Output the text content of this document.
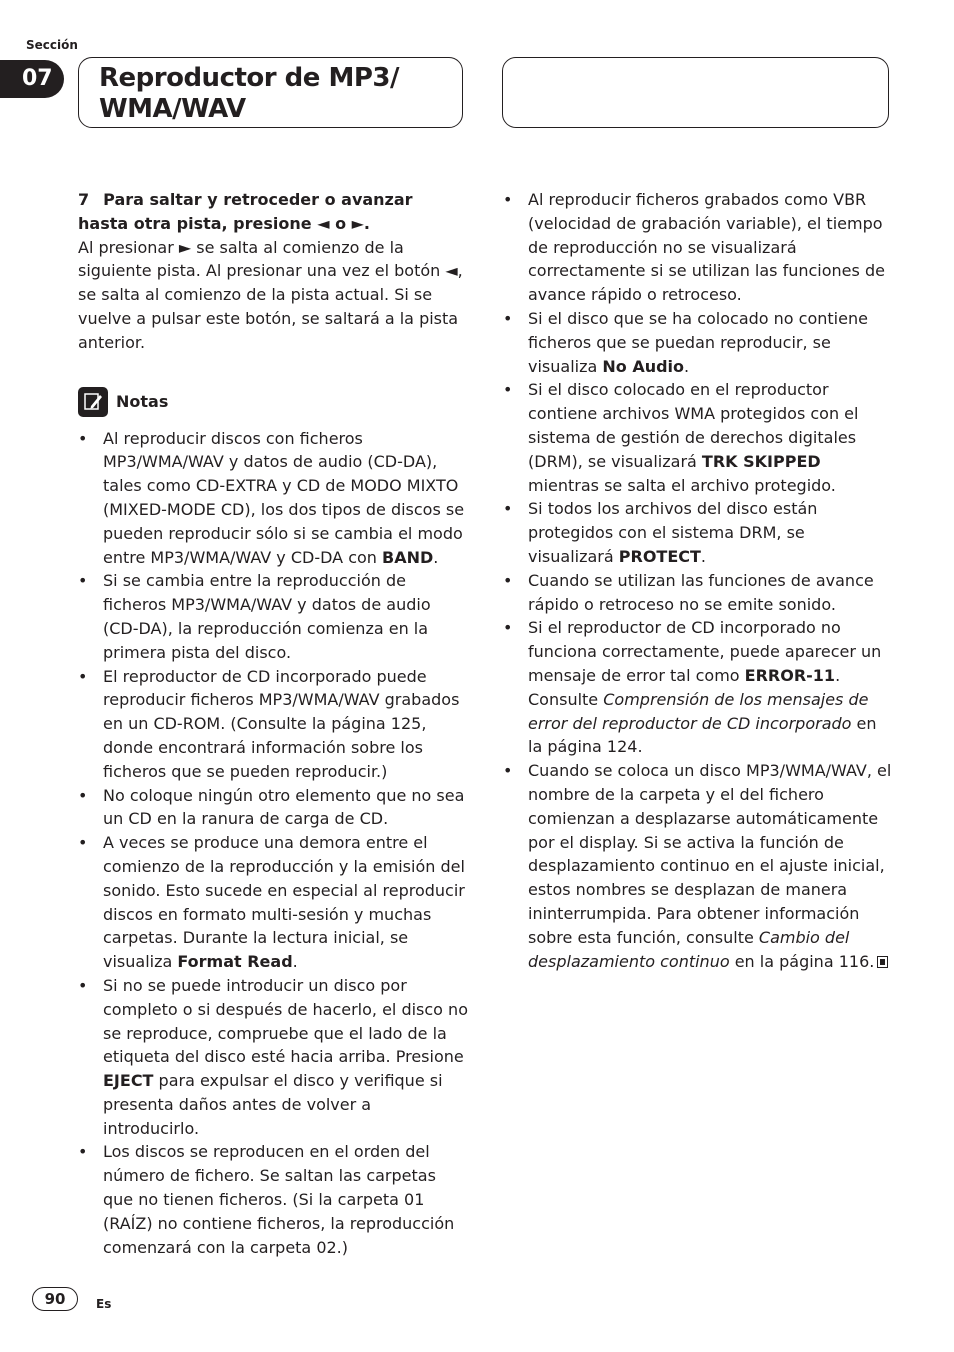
Sección
07	Reproductor de MP3/
WMA/WAV

7 Para saltar y retroceder o avanzar hasta otra pista, presione ◄ o ►.

Al presionar ► se salta al comienzo de la siguiente pista. Al presionar una vez el botón ◄, se salta al comienzo de la pista actual. Si se vuelve a pulsar este botón, se saltará a la pista anterior.

Notas
• Al reproducir discos con ficheros MP3/WMA/WAV y datos de audio (CD-DA), tales como CD-EXTRA y CD de MODO MIXTO (MIXED-MODE CD), los dos tipos de discos se pueden reproducir sólo si se cambia el modo entre MP3/WMA/WAV y CD-DA con BAND.
• Si se cambia entre la reproducción de ficheros MP3/WMA/WAV y datos de audio (CD-DA), la reproducción comienza en la primera pista del disco.
• El reproductor de CD incorporado puede reproducir ficheros MP3/WMA/WAV grabados en un CD-ROM. (Consulte la página 125, donde encontrará información sobre los ficheros que se pueden reproducir.)
• No coloque ningún otro elemento que no sea un CD en la ranura de carga de CD.
• A veces se produce una demora entre el comienzo de la reproducción y la emisión del sonido. Esto sucede en especial al reproducir discos en formato multi-sesión y muchas carpetas. Durante la lectura inicial, se visualiza Format Read.
• Si no se puede introducir un disco por completo o si después de hacerlo, el disco no se reproduce, compruebe que el lado de la etiqueta del disco esté hacia arriba. Presione EJECT para expulsar el disco y verifique si presenta daños antes de volver a introducirlo.
• Los discos se reproducen en el orden del número de fichero. Se saltan las carpetas que no tienen ficheros. (Si la carpeta 01 (RAÍZ) no contiene ficheros, la reproducción comenzará con la carpeta 02.)
• Al reproducir ficheros grabados como VBR (velocidad de grabación variable), el tiempo de reproducción no se visualizará correctamente si se utilizan las funciones de avance rápido o retroceso.
• Si el disco que se ha colocado no contiene ficheros que se puedan reproducir, se visualiza No Audio.
• Si el disco colocado en el reproductor contiene archivos WMA protegidos con el sistema de gestión de derechos digitales (DRM), se visualizará TRK SKIPPED mientras se salta el archivo protegido.
• Si todos los archivos del disco están protegidos con el sistema DRM, se visualizará PROTECT.
• Cuando se utilizan las funciones de avance rápido o retroceso no se emite sonido.
• Si el reproductor de CD incorporado no funciona correctamente, puede aparecer un mensaje de error tal como ERROR-11. Consulte Comprensión de los mensajes de error del reproductor de CD incorporado en la página 124.
• Cuando se coloca un disco MP3/WMA/WAV, el nombre de la carpeta y el del fichero comienzan a desplazarse automáticamente por el display. Si se activa la función de desplazamiento continuo en el ajuste inicial, estos nombres se desplazan de manera ininterrumpida. Para obtener información sobre esta función, consulte Cambio del desplazamiento continuo en la página 116.
90	Es
